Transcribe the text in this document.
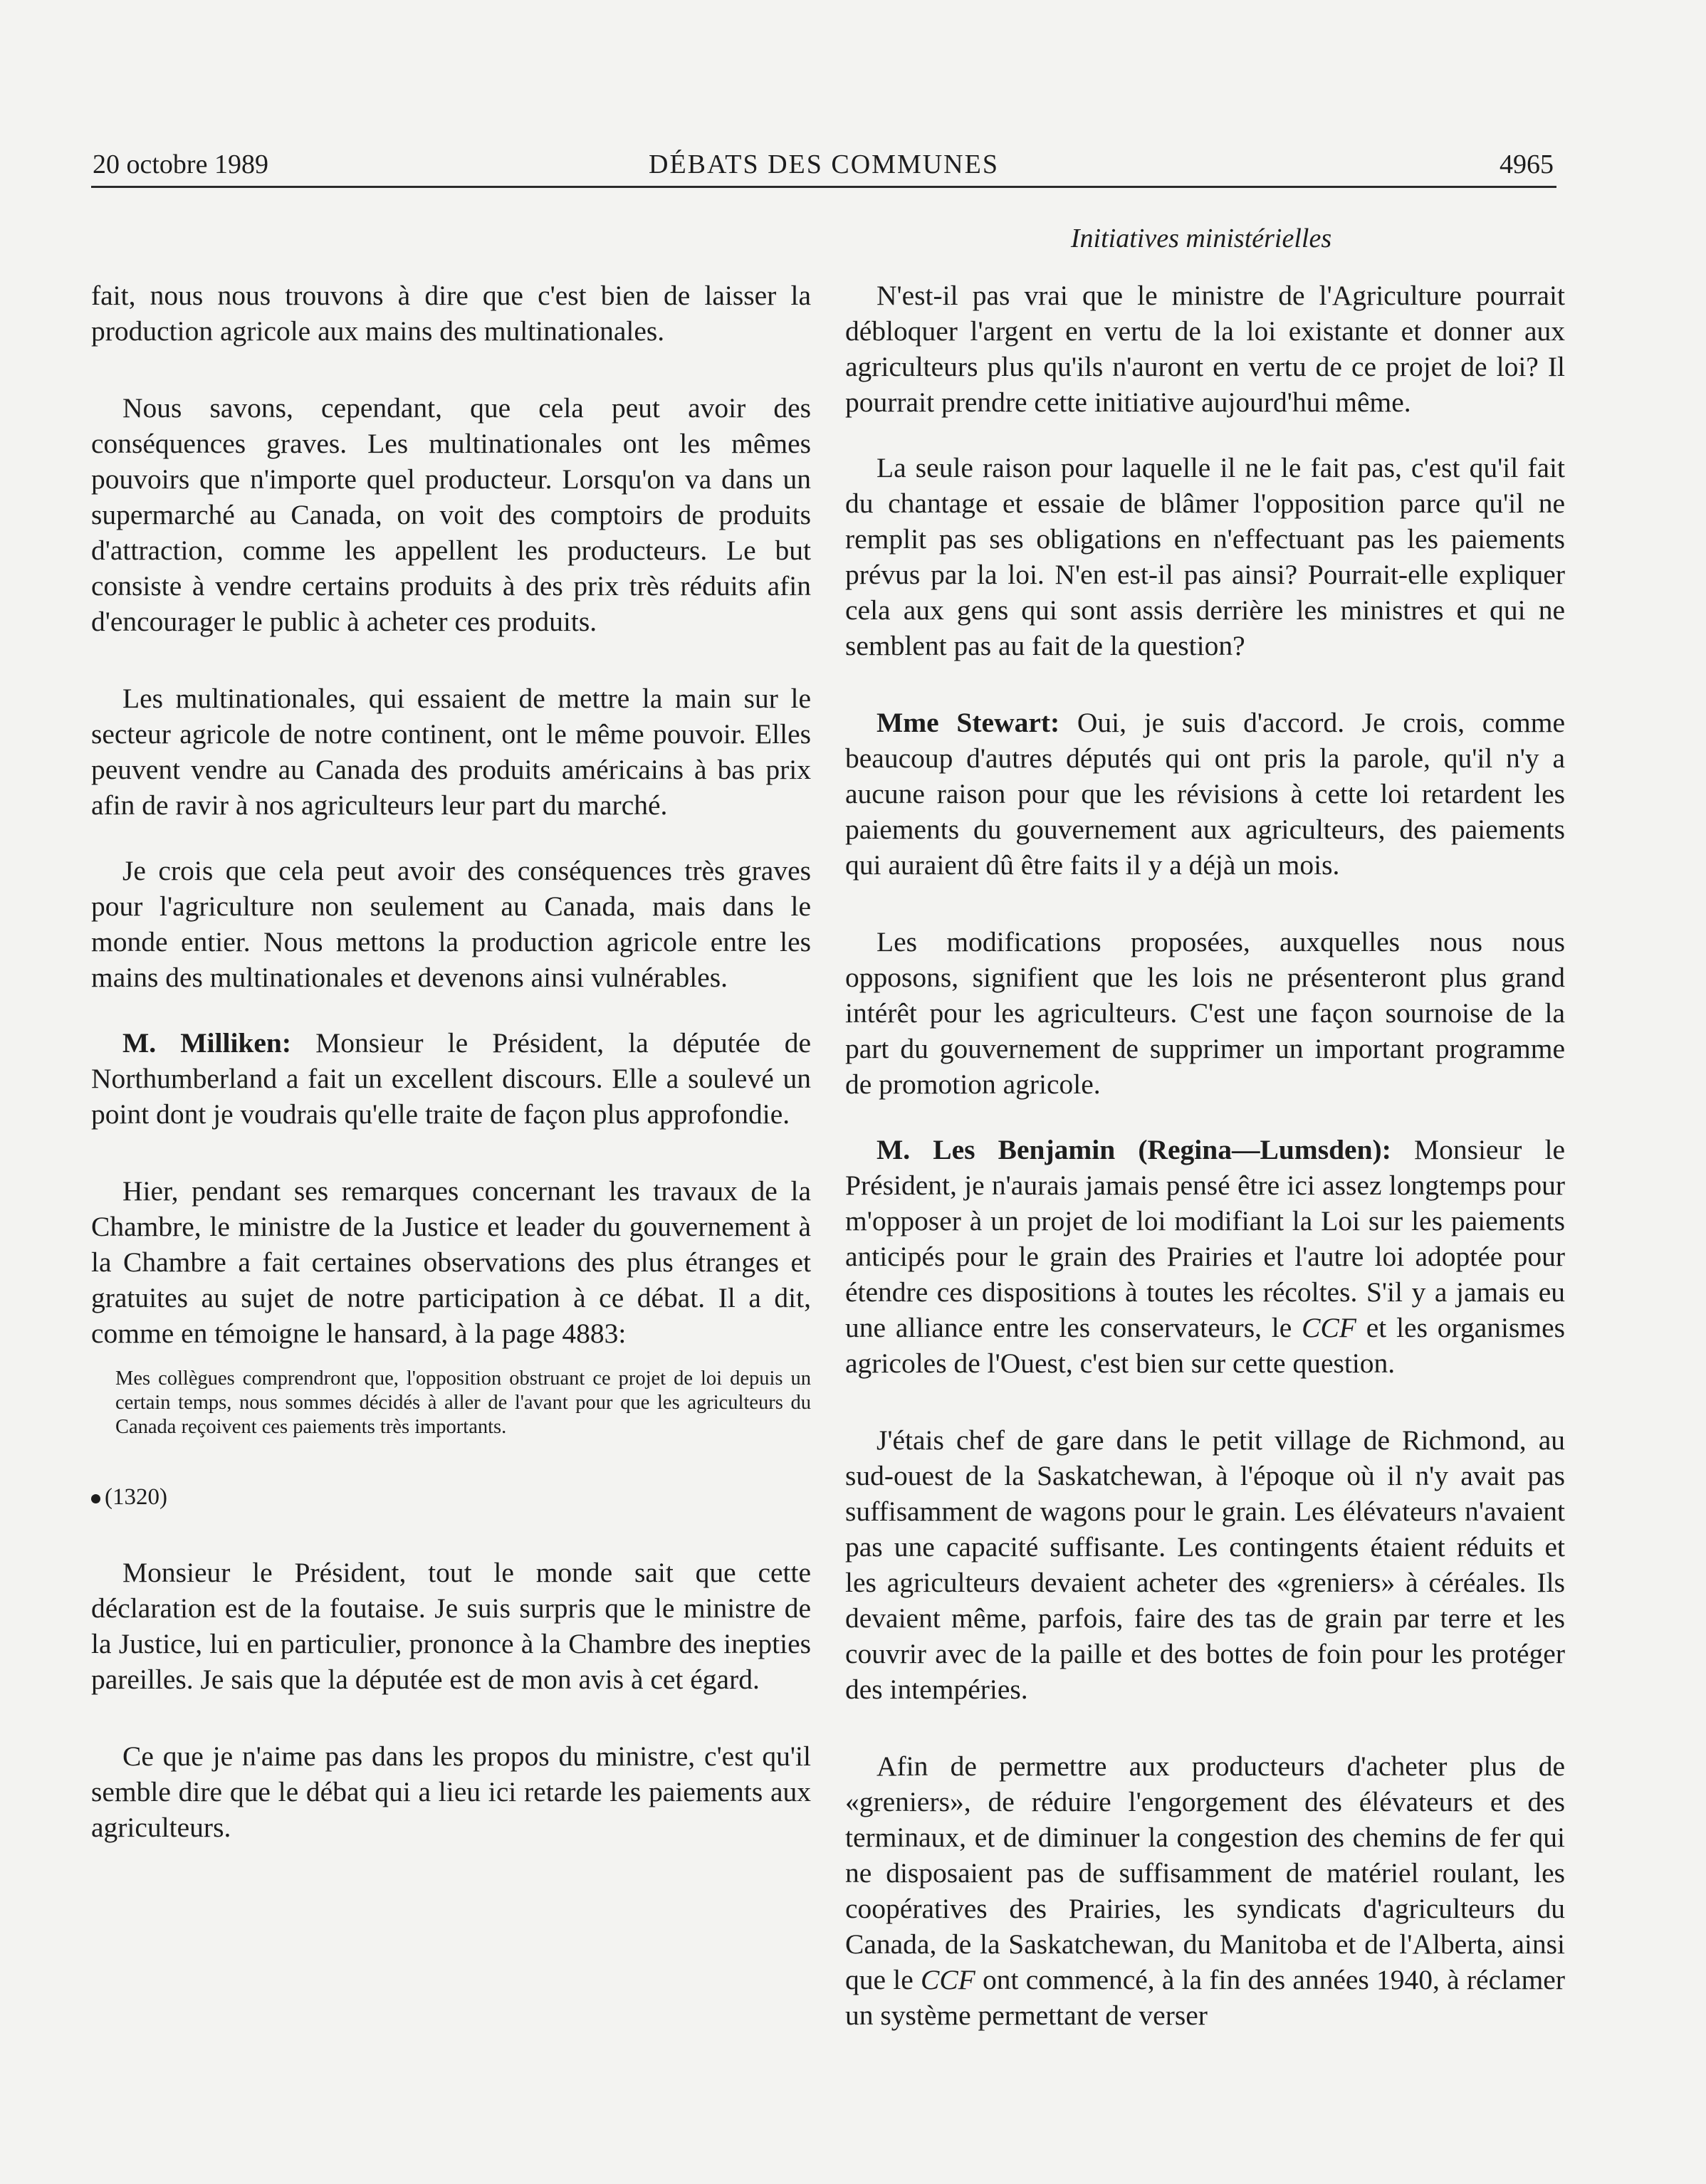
20 octobre 1989	DÉBATS DES COMMUNES	4965
Initiatives ministérielles

fait, nous nous trouvons à dire que c'est bien de laisser la production agricole aux mains des multinationales.

Nous savons, cependant, que cela peut avoir des conséquences graves. Les multinationales ont les mêmes pouvoirs que n'importe quel producteur. Lorsqu'on va dans un supermarché au Canada, on voit des comptoirs de produits d'attraction, comme les appellent les producteurs. Le but consiste à vendre certains produits à des prix très réduits afin d'encourager le public à acheter ces produits.

Les multinationales, qui essaient de mettre la main sur le secteur agricole de notre continent, ont le même pouvoir. Elles peuvent vendre au Canada des produits américains à bas prix afin de ravir à nos agriculteurs leur part du marché.

Je crois que cela peut avoir des conséquences très graves pour l'agriculture non seulement au Canada, mais dans le monde entier. Nous mettons la production agricole entre les mains des multinationales et devenons ainsi vulnérables.

M. Milliken: Monsieur le Président, la députée de Northumberland a fait un excellent discours. Elle a soulevé un point dont je voudrais qu'elle traite de façon plus approfondie.

Hier, pendant ses remarques concernant les travaux de la Chambre, le ministre de la Justice et leader du gouvernement à la Chambre a fait certaines observations des plus étranges et gratuites au sujet de notre participation à ce débat. Il a dit, comme en témoigne le hansard, à la page 4883:

Mes collègues comprendront que, l'opposition obstruant ce projet de loi depuis un certain temps, nous sommes décidés à aller de l'avant pour que les agriculteurs du Canada reçoivent ces paiements très importants.

(1320)

Monsieur le Président, tout le monde sait que cette déclaration est de la foutaise. Je suis surpris que le ministre de la Justice, lui en particulier, prononce à la Chambre des inepties pareilles. Je sais que la députée est de mon avis à cet égard.

Ce que je n'aime pas dans les propos du ministre, c'est qu'il semble dire que le débat qui a lieu ici retarde les paiements aux agriculteurs.

N'est-il pas vrai que le ministre de l'Agriculture pourrait débloquer l'argent en vertu de la loi existante et donner aux agriculteurs plus qu'ils n'auront en vertu de ce projet de loi? Il pourrait prendre cette initiative aujourd'hui même.

La seule raison pour laquelle il ne le fait pas, c'est qu'il fait du chantage et essaie de blâmer l'opposition parce qu'il ne remplit pas ses obligations en n'effectuant pas les paiements prévus par la loi. N'en est-il pas ainsi? Pourrait-elle expliquer cela aux gens qui sont assis derrière les ministres et qui ne semblent pas au fait de la question?

Mme Stewart: Oui, je suis d'accord. Je crois, comme beaucoup d'autres députés qui ont pris la parole, qu'il n'y a aucune raison pour que les révisions à cette loi retardent les paiements du gouvernement aux agriculteurs, des paiements qui auraient dû être faits il y a déjà un mois.

Les modifications proposées, auxquelles nous nous opposons, signifient que les lois ne présenteront plus grand intérêt pour les agriculteurs. C'est une façon sournoise de la part du gouvernement de supprimer un important programme de promotion agricole.

M. Les Benjamin (Regina—Lumsden): Monsieur le Président, je n'aurais jamais pensé être ici assez longtemps pour m'opposer à un projet de loi modifiant la Loi sur les paiements anticipés pour le grain des Prairies et l'autre loi adoptée pour étendre ces dispositions à toutes les récoltes. S'il y a jamais eu une alliance entre les conservateurs, le CCF et les organismes agricoles de l'Ouest, c'est bien sur cette question.

J'étais chef de gare dans le petit village de Richmond, au sud-ouest de la Saskatchewan, à l'époque où il n'y avait pas suffisamment de wagons pour le grain. Les élévateurs n'avaient pas une capacité suffisante. Les contingents étaient réduits et les agriculteurs devaient acheter des «greniers» à céréales. Ils devaient même, parfois, faire des tas de grain par terre et les couvrir avec de la paille et des bottes de foin pour les protéger des intempéries.

Afin de permettre aux producteurs d'acheter plus de «greniers», de réduire l'engorgement des élévateurs et des terminaux, et de diminuer la congestion des chemins de fer qui ne disposaient pas de suffisamment de matériel roulant, les coopératives des Prairies, les syndicats d'agriculteurs du Canada, de la Saskatchewan, du Manitoba et de l'Alberta, ainsi que le CCF ont commencé, à la fin des années 1940, à réclamer un système permettant de verser
